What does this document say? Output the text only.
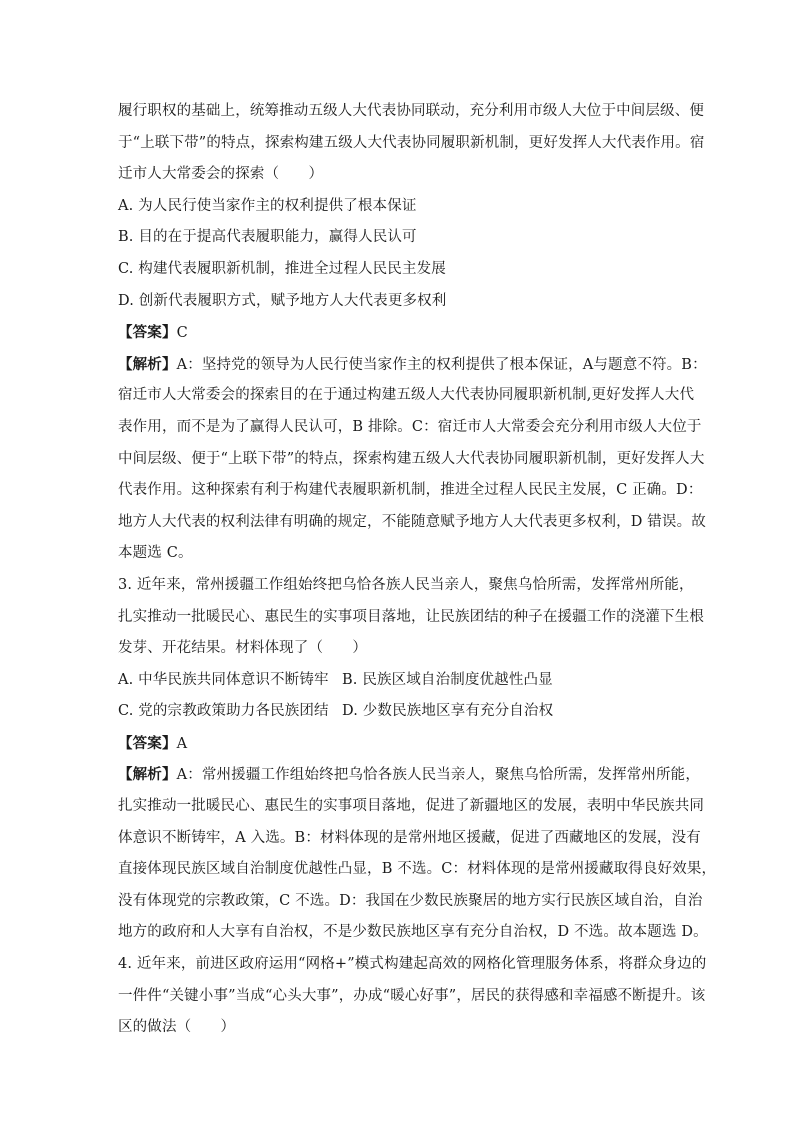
履行职权的基础上，统筹推动五级人大代表协同联动，充分利用市级人大位于中间层级、便
于“上联下带”的特点，探索构建五级人大代表协同履职新机制，更好发挥人大代表作用。宿
迁市人大常委会的探索（　　）
A. 为人民行使当家作主的权利提供了根本保证
B. 目的在于提高代表履职能力，赢得人民认可
C. 构建代表履职新机制，推进全过程人民民主发展
D. 创新代表履职方式，赋予地方人大代表更多权利
【答案】C
【解析】A：坚持党的领导为人民行使当家作主的权利提供了根本保证，A与题意不符。B：
宿迁市人大常委会的探索目的在于通过构建五级人大代表协同履职新机制,更好发挥人大代
表作用，而不是为了赢得人民认可，B 排除。C：宿迁市人大常委会充分利用市级人大位于
中间层级、便于“上联下带”的特点，探索构建五级人大代表协同履职新机制，更好发挥人大
代表作用。这种探索有利于构建代表履职新机制，推进全过程人民民主发展，C 正确。D：
地方人大代表的权利法律有明确的规定，不能随意赋予地方人大代表更多权利，D 错误。故
本题选 C。
3. 近年来，常州援疆工作组始终把乌恰各族人民当亲人，聚焦乌恰所需，发挥常州所能，
扎实推动一批暖民心、惠民生的实事项目落地，让民族团结的种子在援疆工作的浇灌下生根
发芽、开花结果。材料体现了（　　）
A. 中华民族共同体意识不断铸牢 B. 民族区域自治制度优越性凸显
C. 党的宗教政策助力各民族团结 D. 少数民族地区享有充分自治权
【答案】A
【解析】A：常州援疆工作组始终把乌恰各族人民当亲人，聚焦乌恰所需，发挥常州所能，
扎实推动一批暖民心、惠民生的实事项目落地，促进了新疆地区的发展，表明中华民族共同
体意识不断铸牢，A 入选。B：材料体现的是常州地区援藏，促进了西藏地区的发展，没有
直接体现民族区域自治制度优越性凸显，B 不选。C：材料体现的是常州援藏取得良好效果，
没有体现党的宗教政策，C 不选。D：我国在少数民族聚居的地方实行民族区域自治，自治
地方的政府和人大享有自治权，不是少数民族地区享有充分自治权，D 不选。故本题选 D。
4. 近年来，前进区政府运用“网格+”模式构建起高效的网格化管理服务体系，将群众身边的
一件件“关键小事”当成“心头大事”，办成“暖心好事”，居民的获得感和幸福感不断提升。该
区的做法（　　）
